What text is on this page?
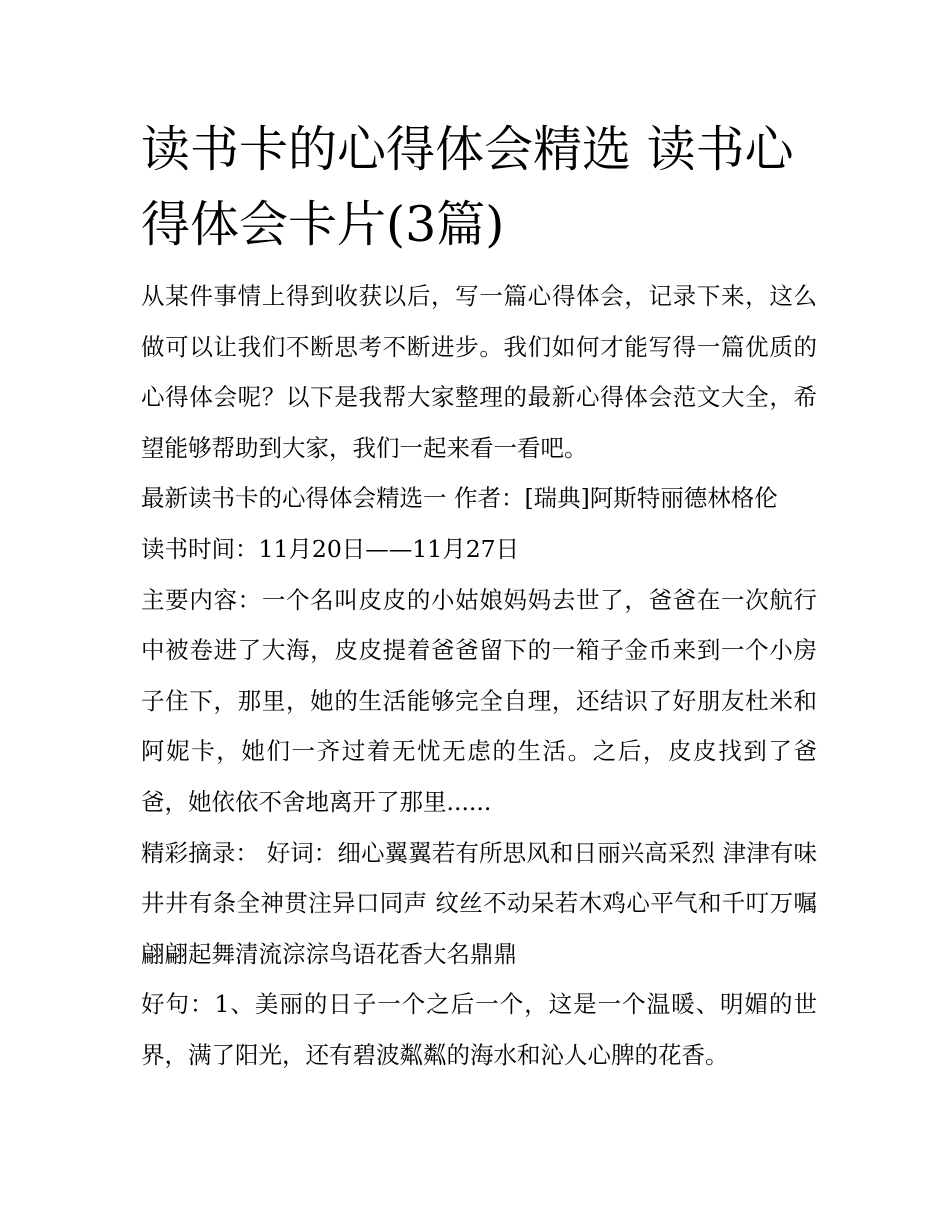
读书卡的心得体会精选 读书心得体会卡片(3篇)

从某件事情上得到收获以后，写一篇心得体会，记录下来，这么做可以让我们不断思考不断进步。我们如何才能写得一篇优质的心得体会呢？以下是我帮大家整理的最新心得体会范文大全，希望能够帮助到大家，我们一起来看一看吧。

最新读书卡的心得体会精选一 作者：[瑞典]阿斯特丽德林格伦

读书时间：11月20日——11月27日

主要内容：一个名叫皮皮的小姑娘妈妈去世了，爸爸在一次航行中被卷进了大海，皮皮提着爸爸留下的一箱子金币来到一个小房子住下，那里，她的生活能够完全自理，还结识了好朋友杜米和阿妮卡，她们一齐过着无忧无虑的生活。之后，皮皮找到了爸爸，她依依不舍地离开了那里......

精彩摘录： 好词：细心翼翼若有所思风和日丽兴高采烈 津津有味井井有条全神贯注异口同声 纹丝不动呆若木鸡心平气和千叮万嘱 翩翩起舞清流淙淙鸟语花香大名鼎鼎

好句：1、美丽的日子一个之后一个，这是一个温暖、明媚的世界，满了阳光，还有碧波粼粼的海水和沁人心脾的花香。
